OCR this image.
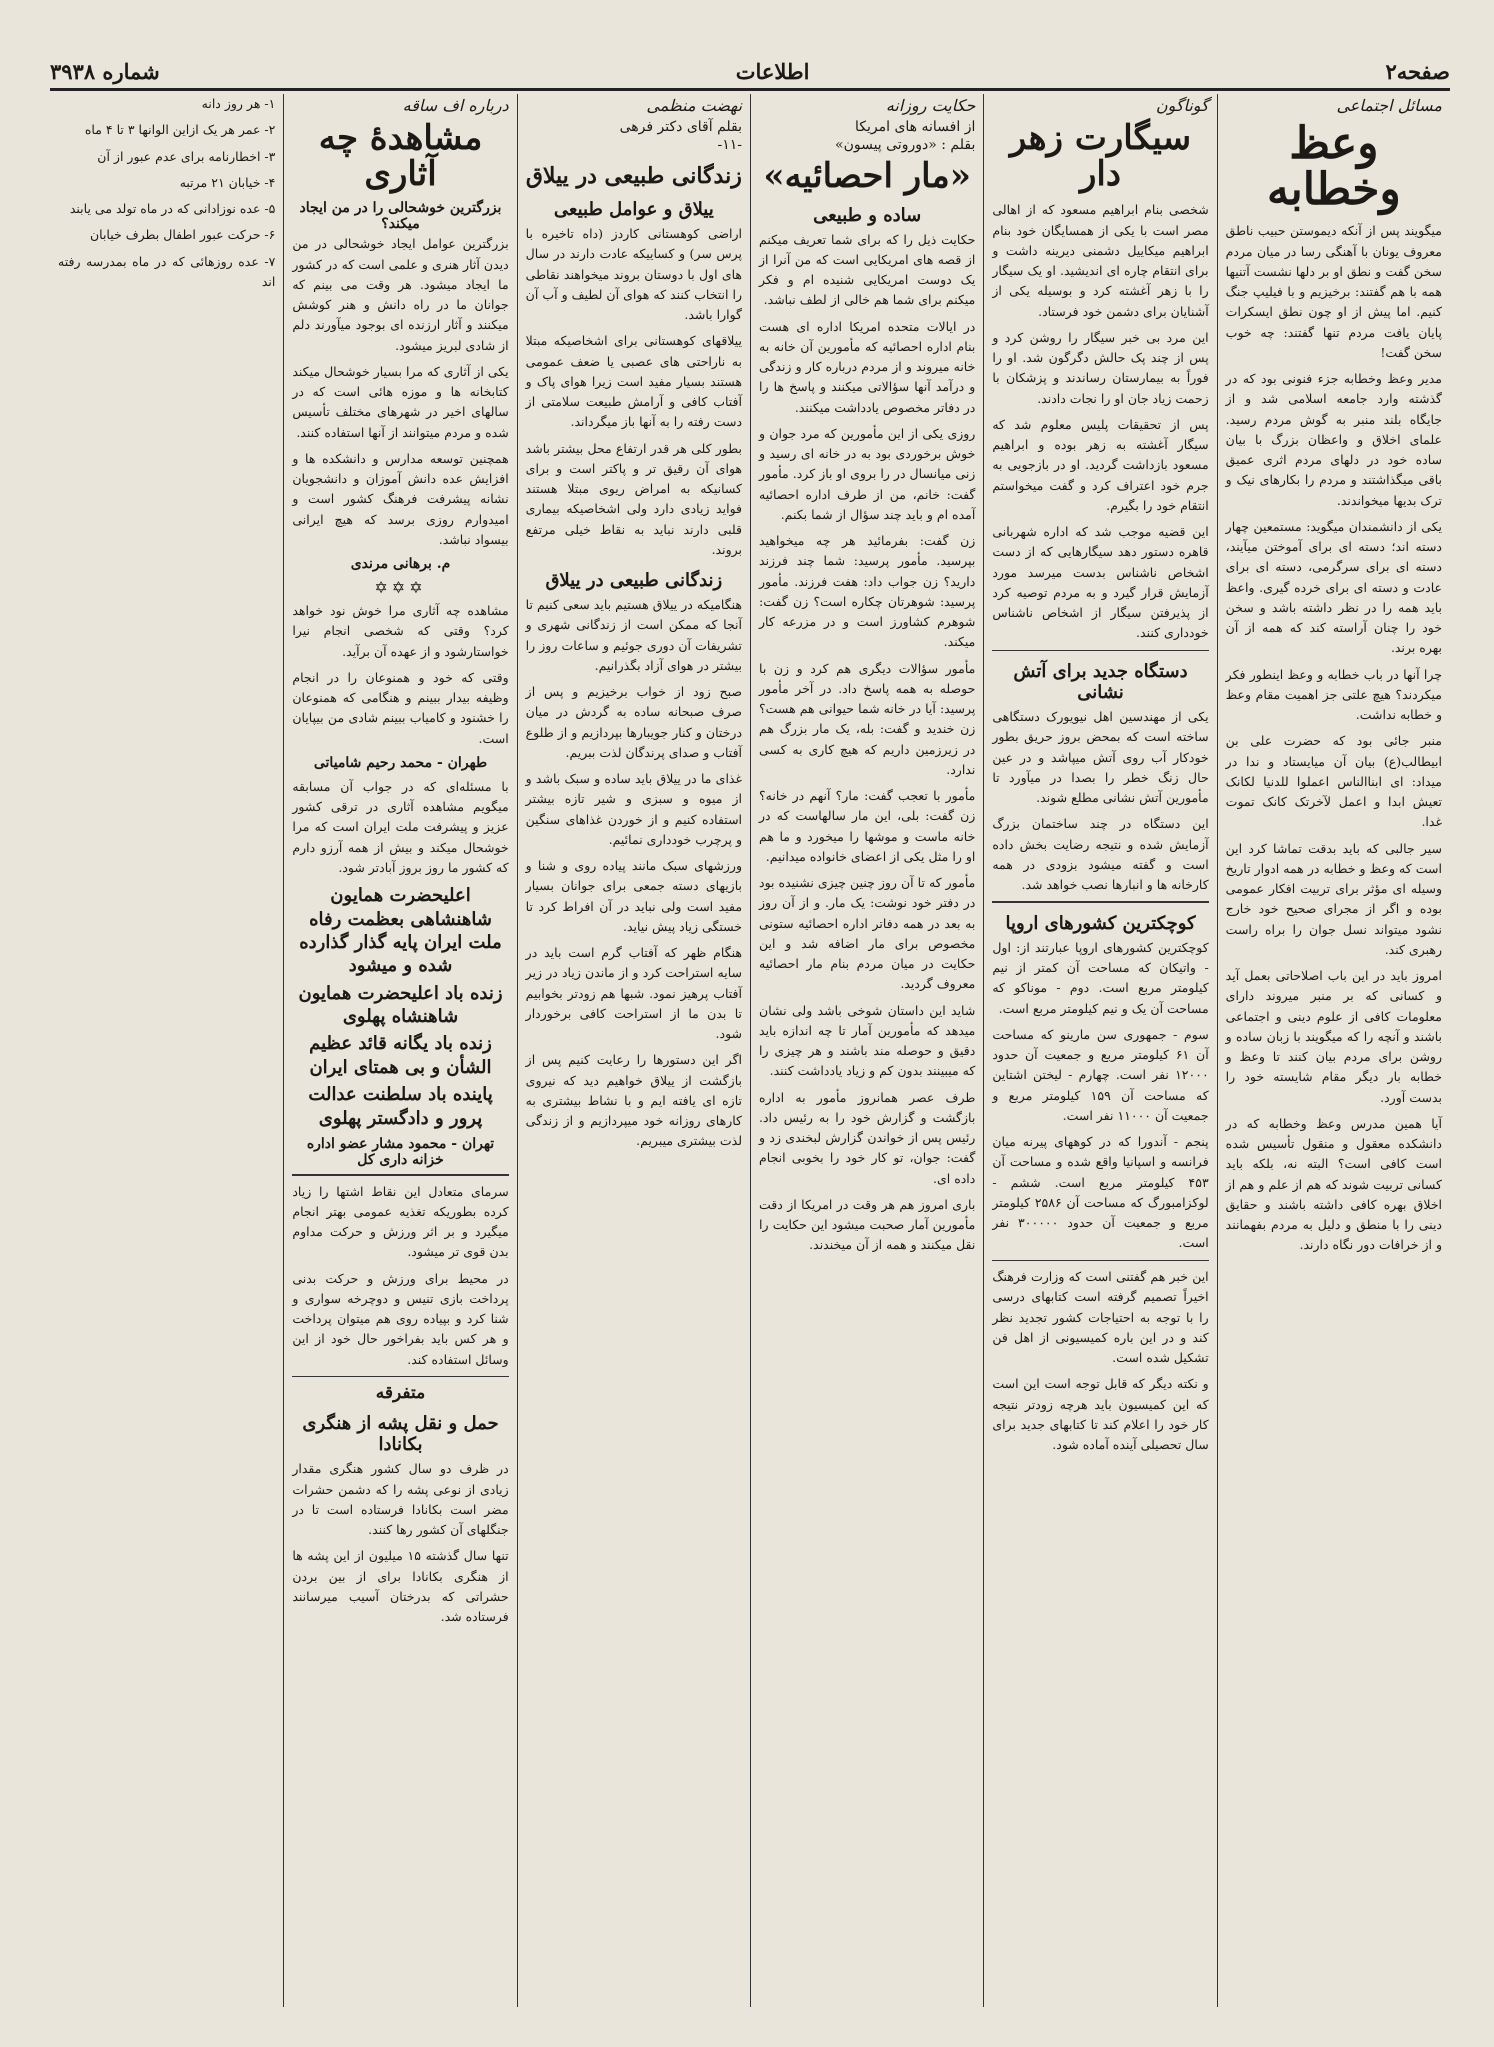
صفحه۲
اطلاعات
شماره ۳۹۳۸
مسائل اجتماعی
وعظ وخطابه

میگویند پس از آنکه دیموستن حبیب ناطق معروف یونان با آهنگی رسا در میان مردم سخن گفت و نطق او بر دلها نشست آتنیها همه با هم گفتند: برخیزیم و با فیلیپ جنگ کنیم. اما پیش از او چون نطق ایسکرات پایان یافت مردم تنها گفتند: چه خوب سخن گفت!

مدیر وعظ وخطابه جزء فنونی بود که در گذشته وارد جامعه اسلامی شد و از جایگاه بلند منبر به گوش مردم رسید. علمای اخلاق و واعظان بزرگ با بیان ساده خود در دلهای مردم اثری عمیق باقی میگذاشتند و مردم را بکارهای نیک و ترک بدیها میخواندند.

یکی از دانشمندان میگوید: مستمعین چهار دسته اند؛ دسته ای برای آموختن میآیند، دسته ای برای سرگرمی، دسته ای برای عادت و دسته ای برای خرده گیری. واعظ باید همه را در نظر داشته باشد و سخن خود را چنان آراسته کند که همه از آن بهره برند.

چرا آنها در باب خطابه و وعظ اینطور فکر میکردند؟ هیچ علتی جز اهمیت مقام وعظ و خطابه نداشت.

منبر جائی بود که حضرت علی بن ابیطالب(ع) بیان آن میایستاد و ندا در میداد: ای ابناالناس اعملوا للدنیا لکانک تعیش ابدا و اعمل لآخرتک کانک تموت غدا.

سیر جالبی که باید بدقت تماشا کرد این است که وعظ و خطابه در همه ادوار تاریخ وسیله ای مؤثر برای تربیت افکار عمومی بوده و اگر از مجرای صحیح خود خارج نشود میتواند نسل جوان را براه راست رهبری کند.

امروز باید در این باب اصلاحاتی بعمل آید و کسانی که بر منبر میروند دارای معلومات کافی از علوم دینی و اجتماعی باشند و آنچه را که میگویند با زبان ساده و روشن برای مردم بیان کنند تا وعظ و خطابه بار دیگر مقام شایسته خود را بدست آورد.

آیا همین مدرس وعظ وخطابه که در دانشکده معقول و منقول تأسیس شده است کافی است؟ البته نه، بلکه باید کسانی تربیت شوند که هم از علم و هم از اخلاق بهره کافی داشته باشند و حقایق دینی را با منطق و دلیل به مردم بفهمانند و از خرافات دور نگاه دارند.

گوناگون
سیگارت زهر دار

شخصی بنام ابراهیم مسعود که از اهالی مصر است با یکی از همسایگان خود بنام ابراهیم میکاییل دشمنی دیرینه داشت و برای انتقام چاره ای اندیشید. او یک سیگار را با زهر آغشته کرد و بوسیله یکی از آشنایان برای دشمن خود فرستاد.

این مرد بی خبر سیگار را روشن کرد و پس از چند پک حالش دگرگون شد. او را فوراً به بیمارستان رساندند و پزشکان با زحمت زیاد جان او را نجات دادند.

پس از تحقیقات پلیس معلوم شد که سیگار آغشته به زهر بوده و ابراهیم مسعود بازداشت گردید. او در بازجویی به جرم خود اعتراف کرد و گفت میخواستم انتقام خود را بگیرم.

این قضیه موجب شد که اداره شهربانی قاهره دستور دهد سیگارهایی که از دست اشخاص ناشناس بدست میرسد مورد آزمایش قرار گیرد و به مردم توصیه کرد از پذیرفتن سیگار از اشخاص ناشناس خودداری کنند.

دستگاه جدید برای آتش نشانی

یکی از مهندسین اهل نیویورک دستگاهی ساخته است که بمحض بروز حریق بطور خودکار آب روی آتش میپاشد و در عین حال زنگ خطر را بصدا در میآورد تا مأمورین آتش نشانی مطلع شوند.

این دستگاه در چند ساختمان بزرگ آزمایش شده و نتیجه رضایت بخش داده است و گفته میشود بزودی در همه کارخانه ها و انبارها نصب خواهد شد.

کوچکترین کشورهای اروپا

کوچکترین کشورهای اروپا عبارتند از: اول - واتیکان که مساحت آن کمتر از نیم کیلومتر مربع است. دوم - موناکو که مساحت آن یک و نیم کیلومتر مربع است.

سوم - جمهوری سن مارینو که مساحت آن ۶۱ کیلومتر مربع و جمعیت آن حدود ۱۲۰۰۰ نفر است. چهارم - لیختن اشتاین که مساحت آن ۱۵۹ کیلومتر مربع و جمعیت آن ۱۱۰۰۰ نفر است.

پنجم - آندورا که در کوههای پیرنه میان فرانسه و اسپانیا واقع شده و مساحت آن ۴۵۳ کیلومتر مربع است. ششم - لوکزامبورگ که مساحت آن ۲۵۸۶ کیلومتر مربع و جمعیت آن حدود ۳۰۰۰۰۰ نفر است.

این خبر هم گفتنی است که وزارت فرهنگ اخیراً تصمیم گرفته است کتابهای درسی را با توجه به احتیاجات کشور تجدید نظر کند و در این باره کمیسیونی از اهل فن تشکیل شده است.

و نکته دیگر که قابل توجه است این است که این کمیسیون باید هرچه زودتر نتیجه کار خود را اعلام کند تا کتابهای جدید برای سال تحصیلی آینده آماده شود.

حکایت روزانه
از افسانه های امریکا
بقلم : «دوروتی پیسون»
«مار احصائیه»
ساده و طبیعی

حکایت ذیل را که برای شما تعریف میکنم از قصه های امریکایی است که من آنرا از یک دوست امریکایی شنیده ام و فکر میکنم برای شما هم خالی از لطف نباشد.

در ایالات متحده امریکا اداره ای هست بنام اداره احصائیه که مأمورین آن خانه به خانه میروند و از مردم درباره کار و زندگی و درآمد آنها سؤالاتی میکنند و پاسخ ها را در دفاتر مخصوص یادداشت میکنند.

روزی یکی از این مأمورین که مرد جوان و خوش برخوردی بود به در خانه ای رسید و زنی میانسال در را بروی او باز کرد. مأمور گفت: خانم، من از طرف اداره احصائیه آمده ام و باید چند سؤال از شما بکنم.

زن گفت: بفرمائید هر چه میخواهید بپرسید. مأمور پرسید: شما چند فرزند دارید؟ زن جواب داد: هفت فرزند. مأمور پرسید: شوهرتان چکاره است؟ زن گفت: شوهرم کشاورز است و در مزرعه کار میکند.

مأمور سؤالات دیگری هم کرد و زن با حوصله به همه پاسخ داد. در آخر مأمور پرسید: آیا در خانه شما حیوانی هم هست؟ زن خندید و گفت: بله، یک مار بزرگ هم در زیرزمین داریم که هیچ کاری به کسی ندارد.

مأمور با تعجب گفت: مار؟ آنهم در خانه؟ زن گفت: بلی، این مار سالهاست که در خانه ماست و موشها را میخورد و ما هم او را مثل یکی از اعضای خانواده میدانیم.

مأمور که تا آن روز چنین چیزی نشنیده بود در دفتر خود نوشت: یک مار. و از آن روز به بعد در همه دفاتر اداره احصائیه ستونی مخصوص برای مار اضافه شد و این حکایت در میان مردم بنام مار احصائیه معروف گردید.

شاید این داستان شوخی باشد ولی نشان میدهد که مأمورین آمار تا چه اندازه باید دقیق و حوصله مند باشند و هر چیزی را که میبینند بدون کم و زیاد یادداشت کنند.

طرف عصر همانروز مأمور به اداره بازگشت و گزارش خود را به رئیس داد. رئیس پس از خواندن گزارش لبخندی زد و گفت: جوان، تو کار خود را بخوبی انجام داده ای.

باری امروز هم هر وقت در امریکا از دقت مأمورین آمار صحبت میشود این حکایت را نقل میکنند و همه از آن میخندند.

نهضت منظمی
بقلم آقای دکتر فرهی
-۱۱-
زندگانی طبیعی در ییلاق
ییلاق و عوامل طبیعی

اراضی کوهستانی کاردز (داه تاخیره با پرس سر) و کساییکه عادت دارند در سال های اول با دوستان بروند میخواهند نقاطی را انتخاب کنند که هوای آن لطیف و آب آن گوارا باشد.

ییلاقهای کوهستانی برای اشخاصیکه مبتلا به ناراحتی های عصبی یا ضعف عمومی هستند بسیار مفید است زیرا هوای پاک و آفتاب کافی و آرامش طبیعت سلامتی از دست رفته را به آنها باز میگرداند.

بطور کلی هر قدر ارتفاع محل بیشتر باشد هوای آن رقیق تر و پاکتر است و برای کسانیکه به امراض ریوی مبتلا هستند فواید زیادی دارد ولی اشخاصیکه بیماری قلبی دارند نباید به نقاط خیلی مرتفع بروند.

زندگانی طبیعی در ییلاق

هنگامیکه در ییلاق هستیم باید سعی کنیم تا آنجا که ممکن است از زندگانی شهری و تشریفات آن دوری جوئیم و ساعات روز را بیشتر در هوای آزاد بگذرانیم.

صبح زود از خواب برخیزیم و پس از صرف صبحانه ساده به گردش در میان درختان و کنار جویبارها بپردازیم و از طلوع آفتاب و صدای پرندگان لذت ببریم.

غذای ما در ییلاق باید ساده و سبک باشد و از میوه و سبزی و شیر تازه بیشتر استفاده کنیم و از خوردن غذاهای سنگین و پرچرب خودداری نمائیم.

ورزشهای سبک مانند پیاده روی و شنا و بازیهای دسته جمعی برای جوانان بسیار مفید است ولی نباید در آن افراط کرد تا خستگی زیاد پیش نیاید.

هنگام ظهر که آفتاب گرم است باید در سایه استراحت کرد و از ماندن زیاد در زیر آفتاب پرهیز نمود. شبها هم زودتر بخوابیم تا بدن ما از استراحت کافی برخوردار شود.

اگر این دستورها را رعایت کنیم پس از بازگشت از ییلاق خواهیم دید که نیروی تازه ای یافته ایم و با نشاط بیشتری به کارهای روزانه خود میپردازیم و از زندگی لذت بیشتری میبریم.

درباره اف ساقه
مشاهدهٔ چه آثاری
بزرگترین خوشحالی را در من ایجاد میکند؟

بزرگترین عوامل ایجاد خوشحالی در من دیدن آثار هنری و علمی است که در کشور ما ایجاد میشود. هر وقت می بینم که جوانان ما در راه دانش و هنر کوشش میکنند و آثار ارزنده ای بوجود میآورند دلم از شادی لبریز میشود.

یکی از آثاری که مرا بسیار خوشحال میکند کتابخانه ها و موزه هائی است که در سالهای اخیر در شهرهای مختلف تأسیس شده و مردم میتوانند از آنها استفاده کنند.

همچنین توسعه مدارس و دانشکده ها و افزایش عده دانش آموزان و دانشجویان نشانه پیشرفت فرهنگ کشور است و امیدوارم روزی برسد که هیچ ایرانی بیسواد نباشد.

م. برهانی مرندی
✡✡✡

مشاهده چه آثاری مرا خوش نود خواهد کرد؟ وقتی که شخصی انجام نیرا خواستارشود و از عهده آن برآید.

وقتی که خود و همنوعان را در انجام وظیفه بیدار ببینم و هنگامی که همنوعان را خشنود و کامیاب ببینم شادی من بیپایان است.

طهران - محمد رحیم شامیاتی

با مسئله‌ای که در جواب آن مسابقه میگویم مشاهده آثاری در ترقی کشور عزیز و پیشرفت ملت ایران است که مرا خوشحال میکند و بیش از همه آرزو دارم که کشور ما روز بروز آبادتر شود.

اعلیحضرت همایون شاهنشاهی بعظمت رفاه ملت ایران پایه گذار گذارده شده و میشود

زنده باد اعلیحضرت همایون شاهنشاه پهلوی

زنده باد یگانه قائد عظیم الشأن و بی همتای ایران

پاینده باد سلطنت عدالت پرور و دادگستر پهلوی

تهران - محمود مشار عضو اداره خزانه داری کل

سرمای متعادل این نقاط اشتها را زیاد کرده بطوریکه تغذیه عمومی بهتر انجام میگیرد و بر اثر ورزش و حرکت مداوم بدن قوی تر میشود.

در محیط برای ورزش و حرکت بدنی پرداخت بازی تنیس و دوچرخه سواری و شنا کرد و بپیاده روی هم میتوان پرداخت و هر کس باید بفراخور حال خود از این وسائل استفاده کند.

متفرقه
حمل و نقل پشه از هنگری بکانادا

در ظرف دو سال کشور هنگری مقدار زیادی از نوعی پشه را که دشمن حشرات مضر است بکانادا فرستاده است تا در جنگلهای آن کشور رها کنند.

تنها سال گذشته ۱۵ میلیون از این پشه ها از هنگری بکانادا برای از بین بردن حشراتی که بدرختان آسیب میرسانند فرستاده شد.

۱- هر روز دانه

۲- عمر هر یک ازاین الوانها ۳ تا ۴ ماه

۳- اخطارنامه برای عدم عبور از آن

۴- خیابان ۲۱ مرتبه

۵- عده نوزادانی که در ماه تولد می یابند

۶- حرکت عبور اطفال بطرف خیابان

۷- عده روزهائی که در ماه بمدرسه رفته اند
